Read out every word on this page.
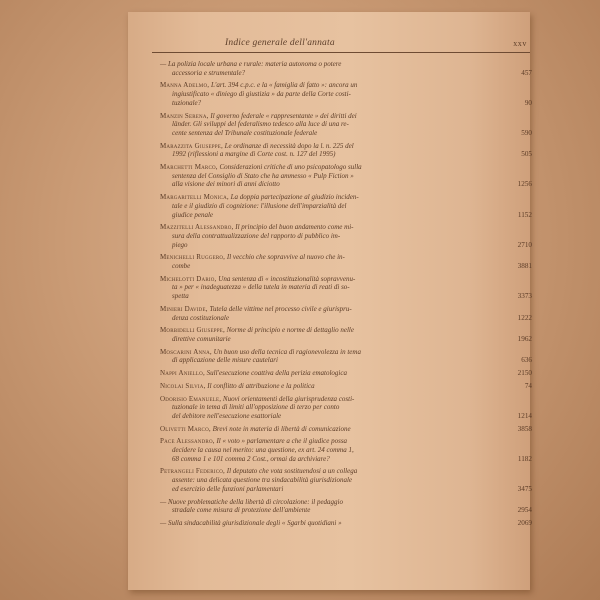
Indice generale dell'annata	xxv
— La polizia locale urbana e rurale: materia autonoma o potere
accessoria e strumentale?	457
Manna Adelmo, L'art. 394 c.p.c. e la « famiglia di fatto »: ancora un
ingiustificato « diniego di giustizia » da parte della Corte costi-
tuzionale?	90
Manzin Serena, Il governo federale « rappresentante » dei diritti dei
länder. Gli sviluppi del federalismo tedesco alla luce di una re-
cente sentenza del Tribunale costituzionale federale	590
Marazzita Giuseppe, Le ordinanze di necessità dopo la l. n. 225 del
1992 (riflessioni a margine di Corte cost. n. 127 del 1995)	505
Marchetti Marco, Considerazioni critiche di uno psicopatologo sulla
sentenza del Consiglio di Stato che ha ammesso « Pulp Fiction »
alla visione dei minori di anni diciotto	1256
Margaritelli Monica, La doppia partecipazione al giudizio inciden-
tale e il giudizio di cognizione: l'illusione dell'imparzialità del
giudice penale	1152
Mazzitelli Alessandro, Il principio del buon andamento come mi-
sura della contrattualizzazione del rapporto di pubblico im-
piego	2710
Menichelli Ruggero, Il vecchio che sopravvive al nuovo che in-
combe	3881
Michelotti Dario, Una sentenza di « incostituzionalità sopravvenu-
ta » per « inadeguatezza » della tutela in materia di reati di so-
spetta	3373
Minieri Davide, Tutela delle vittime nel processo civile e giurispru-
denza costituzionale	1222
Morbidelli Giuseppe, Norme di principio e norme di dettaglio nelle
direttive comunitarie	1962
Moscarini Anna, Un buon uso della tecnica di ragionevolezza in tema
di applicazione delle misure cautelari	636
Nappi Aniello, Sull'esecuzione coattiva della perizia ematologica	2150
Nicolai Silvia, Il conflitto di attribuzione e la politica	74
Odorisio Emanuele, Nuovi orientamenti della giurisprudenza costi-
tuzionale in tema di limiti all'opposizione di terzo per conto
del debitore nell'esecuzione esattoriale	1214
Olivetti Marco, Brevi note in materia di libertà di comunicazione	3858
Pace Alessandro, Il « voto » parlamentare a che il giudice possa
decidere la causa nel merito: una questione, ex art. 24 comma 1,
68 comma 1 e 101 comma 2 Cost., ormai da archiviare?	1182
Petrangeli Federico, Il deputato che vota sostituendosi a un collega
assente: una delicata questione tra sindacabilità giurisdizionale
ed esercizio delle funzioni parlamentari	3475
— Nuove problematiche della libertà di circolazione: il pedaggio
stradale come misura di protezione dell'ambiente	2954
— Sulla sindacabilità giurisdizionale degli « Sgarbi quotidiani »	2069
